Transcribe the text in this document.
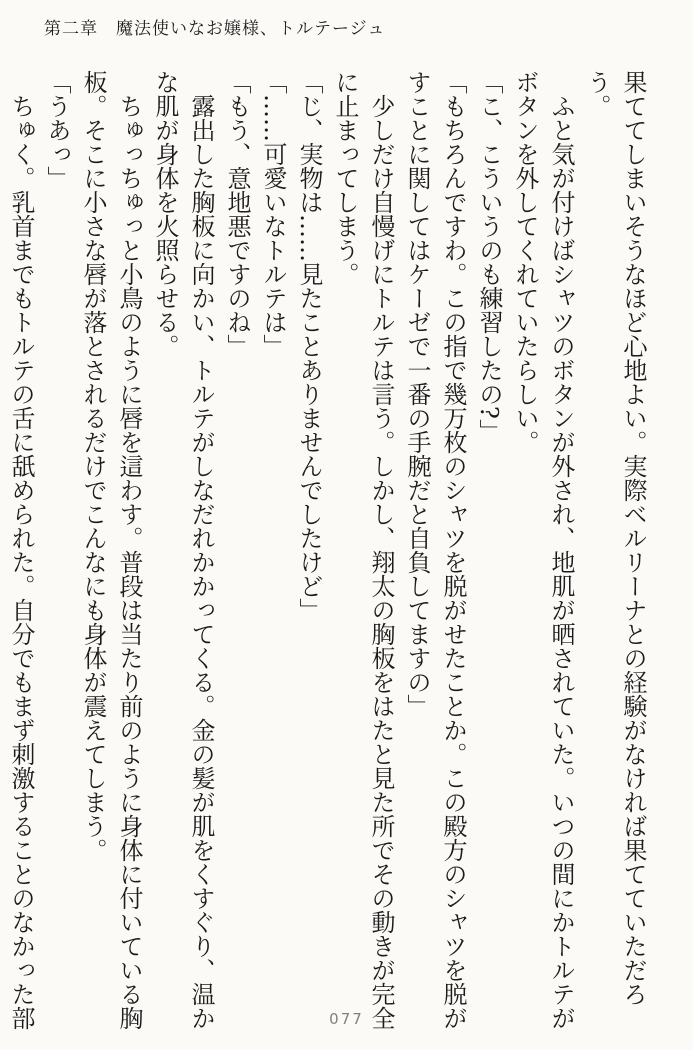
第二章 魔法使いなお嬢様、トルテージュ

果ててしまいそうなほど心地よい。実際ベルリーナとの経験がなければ果てていただろう。

ふと気が付けばシャツのボタンが外され、地肌が晒されていた。いつの間にかトルテがボタンを外してくれていたらしい。

「こ、こういうのも練習したの?」

「もちろんですわ。この指で幾万枚のシャツを脱がせたことか。この殿方のシャツを脱がすことに関してはケーゼで一番の手腕だと自負してますの」

少しだけ自慢げにトルテは言う。しかし、翔太の胸板をはたと見た所でその動きが完全に止まってしまう。

「じ、実物は……見たことありませんでしたけど」

「……可愛いなトルテは」

「もう、意地悪ですのね」

露出した胸板に向かい、トルテがしなだれかかってくる。金の髪が肌をくすぐり、温かな肌が身体を火照らせる。

ちゅっちゅっと小鳥のように唇を這わす。普段は当たり前のように身体に付いている胸板。そこに小さな唇が落とされるだけでこんなにも身体が震えてしまう。

「うあっ」

ちゅく。乳首までもトルテの舌に舐められた。自分でもまず刺激することのなかった部	077
